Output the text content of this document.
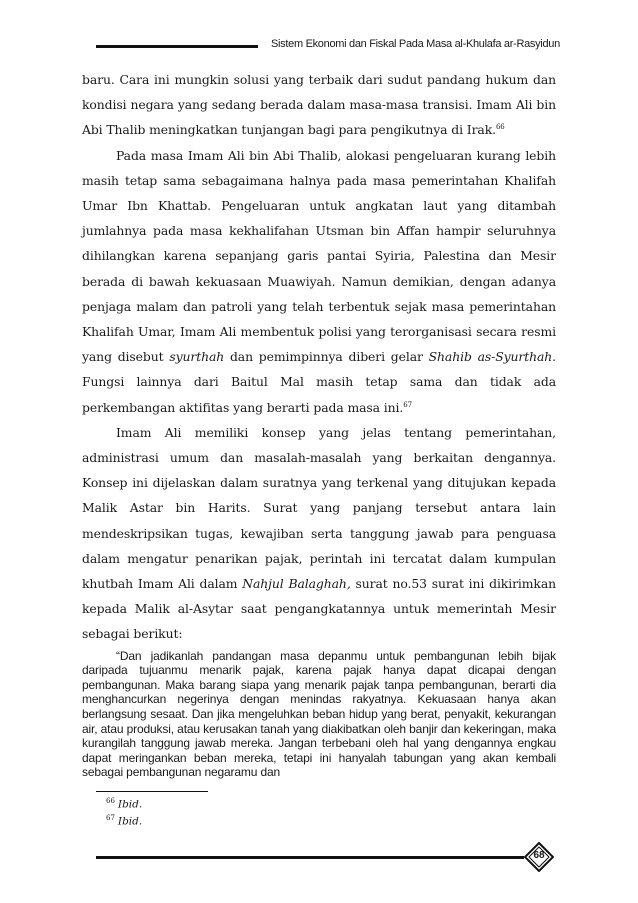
Sistem Ekonomi dan Fiskal Pada Masa al-Khulafa ar-Rasyidun

baru. Cara ini mungkin solusi yang terbaik dari sudut pandang hukum dan kondisi negara yang sedang berada dalam masa-masa transisi. Imam Ali bin Abi Thalib meningkatkan tunjangan bagi para pengikutnya di Irak.$^{66}$

Pada masa Imam Ali bin Abi Thalib, alokasi pengeluaran kurang lebih masih tetap sama sebagaimana halnya pada masa pemerintahan Khalifah Umar Ibn Khattab. Pengeluaran untuk angkatan laut yang ditambah jumlahnya pada masa kekhalifahan Utsman bin Affan hampir seluruhnya dihilangkan karena sepanjang garis pantai Syiria, Palestina dan Mesir berada di bawah kekuasaan Muawiyah. Namun demikian, dengan adanya penjaga malam dan patroli yang telah terbentuk sejak masa pemerintahan Khalifah Umar, Imam Ali membentuk polisi yang terorganisasi secara resmi yang disebut syurthah dan pemimpinnya diberi gelar Shahib as-Syurthah. Fungsi lainnya dari Baitul Mal masih tetap sama dan tidak ada perkembangan aktifitas yang berarti pada masa ini.$^{67}$

Imam Ali memiliki konsep yang jelas tentang pemerintahan, administrasi umum dan masalah-masalah yang berkaitan dengannya. Konsep ini dijelaskan dalam suratnya yang terkenal yang ditujukan kepada Malik Astar bin Harits. Surat yang panjang tersebut antara lain mendeskripsikan tugas, kewajiban serta tanggung jawab para penguasa dalam mengatur penarikan pajak, perintah ini tercatat dalam kumpulan khutbah Imam Ali dalam Nahjul Balaghah, surat no.53 surat ini dikirimkan kepada Malik al-Asytar saat pengangkatannya untuk memerintah Mesir sebagai berikut:

“Dan jadikanlah pandangan masa depanmu untuk pembangunan lebih bijak daripada tujuanmu menarik pajak, karena pajak hanya dapat dicapai dengan pembangunan. Maka barang siapa yang menarik pajak tanpa pembangunan, berarti dia menghancurkan negerinya dengan menindas rakyatnya. Kekuasaan hanya akan berlangsung sesaat. Dan jika mengeluhkan beban hidup yang berat, penyakit, kekurangan air, atau produksi, atau kerusakan tanah yang diakibatkan oleh banjir dan kekeringan, maka kurangilah tanggung jawab mereka. Jangan terbebani oleh hal yang dengannya engkau dapat meringankan beban mereka, tetapi ini hanyalah tabungan yang akan kembali sebagai pembangunan negaramu dan

$^{66}$ Ibid.
$^{67}$ Ibid.
68
